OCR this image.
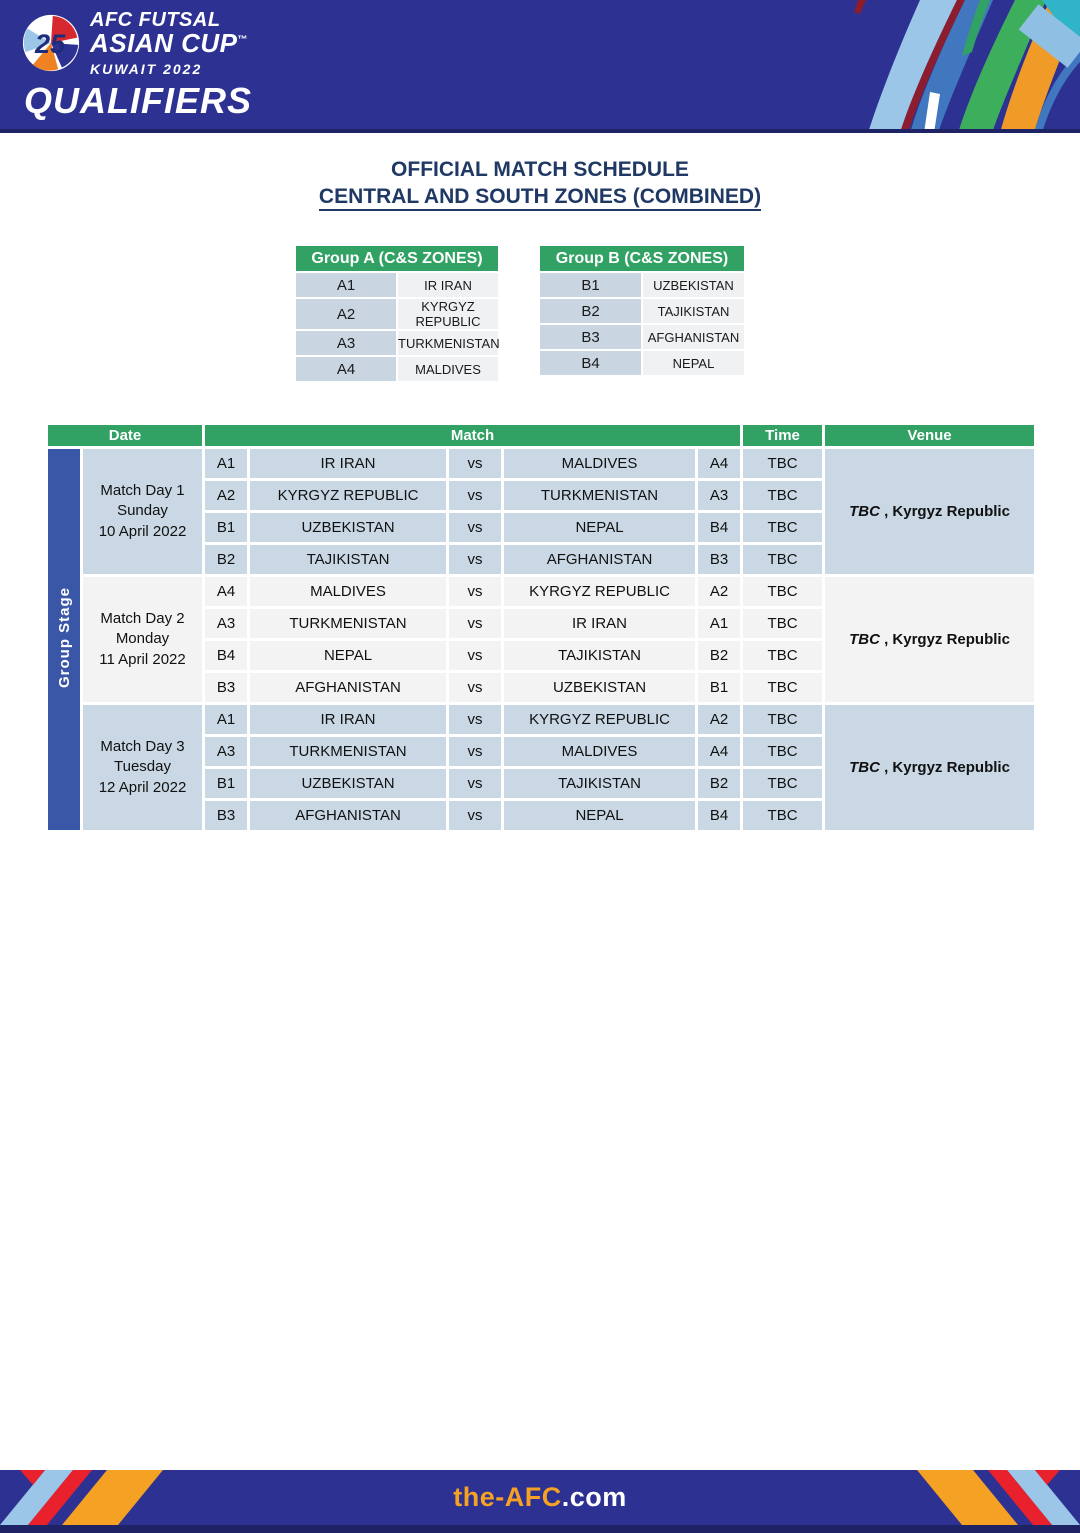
25
AFC FUTSAL
ASIAN CUP™
KUWAIT 2022
QUALIFIERS
OFFICIAL MATCH SCHEDULE
CENTRAL AND SOUTH ZONES (COMBINED)
Group A (C&S ZONES)	
A1	IR IRAN
A2	KYRGYZ REPUBLIC
A3	TURKMENISTAN
A4	MALDIVES
Group B (C&S ZONES)	
B1	UZBEKISTAN
B2	TAJIKISTAN
B3	AFGHANISTAN
B4	NEPAL
Date		Match					Time	Venue
Group Stage	Match Day 1
Sunday
10 April 2022	A1	IR IRAN	vs	MALDIVES	A4	TBC	TBC , Kyrgyz Republic
		A2	KYRGYZ REPUBLIC	vs	TURKMENISTAN	A3	TBC	
		B1	UZBEKISTAN	vs	NEPAL	B4	TBC	
		B2	TAJIKISTAN	vs	AFGHANISTAN	B3	TBC	

	Match Day 2
Monday
11 April 2022	A4	MALDIVES	vs	KYRGYZ REPUBLIC	A2	TBC	TBC , Kyrgyz Republic
		A3	TURKMENISTAN	vs	IR IRAN	A1	TBC	
		B4	NEPAL	vs	TAJIKISTAN	B2	TBC	
		B3	AFGHANISTAN	vs	UZBEKISTAN	B1	TBC	

	Match Day 3
Tuesday
12 April 2022	A1	IR IRAN	vs	KYRGYZ REPUBLIC	A2	TBC	TBC , Kyrgyz Republic
		A3	TURKMENISTAN	vs	MALDIVES	A4	TBC	
		B1	UZBEKISTAN	vs	TAJIKISTAN	B2	TBC	
		B3	AFGHANISTAN	vs	NEPAL	B4	TBC	
the-AFC.com
